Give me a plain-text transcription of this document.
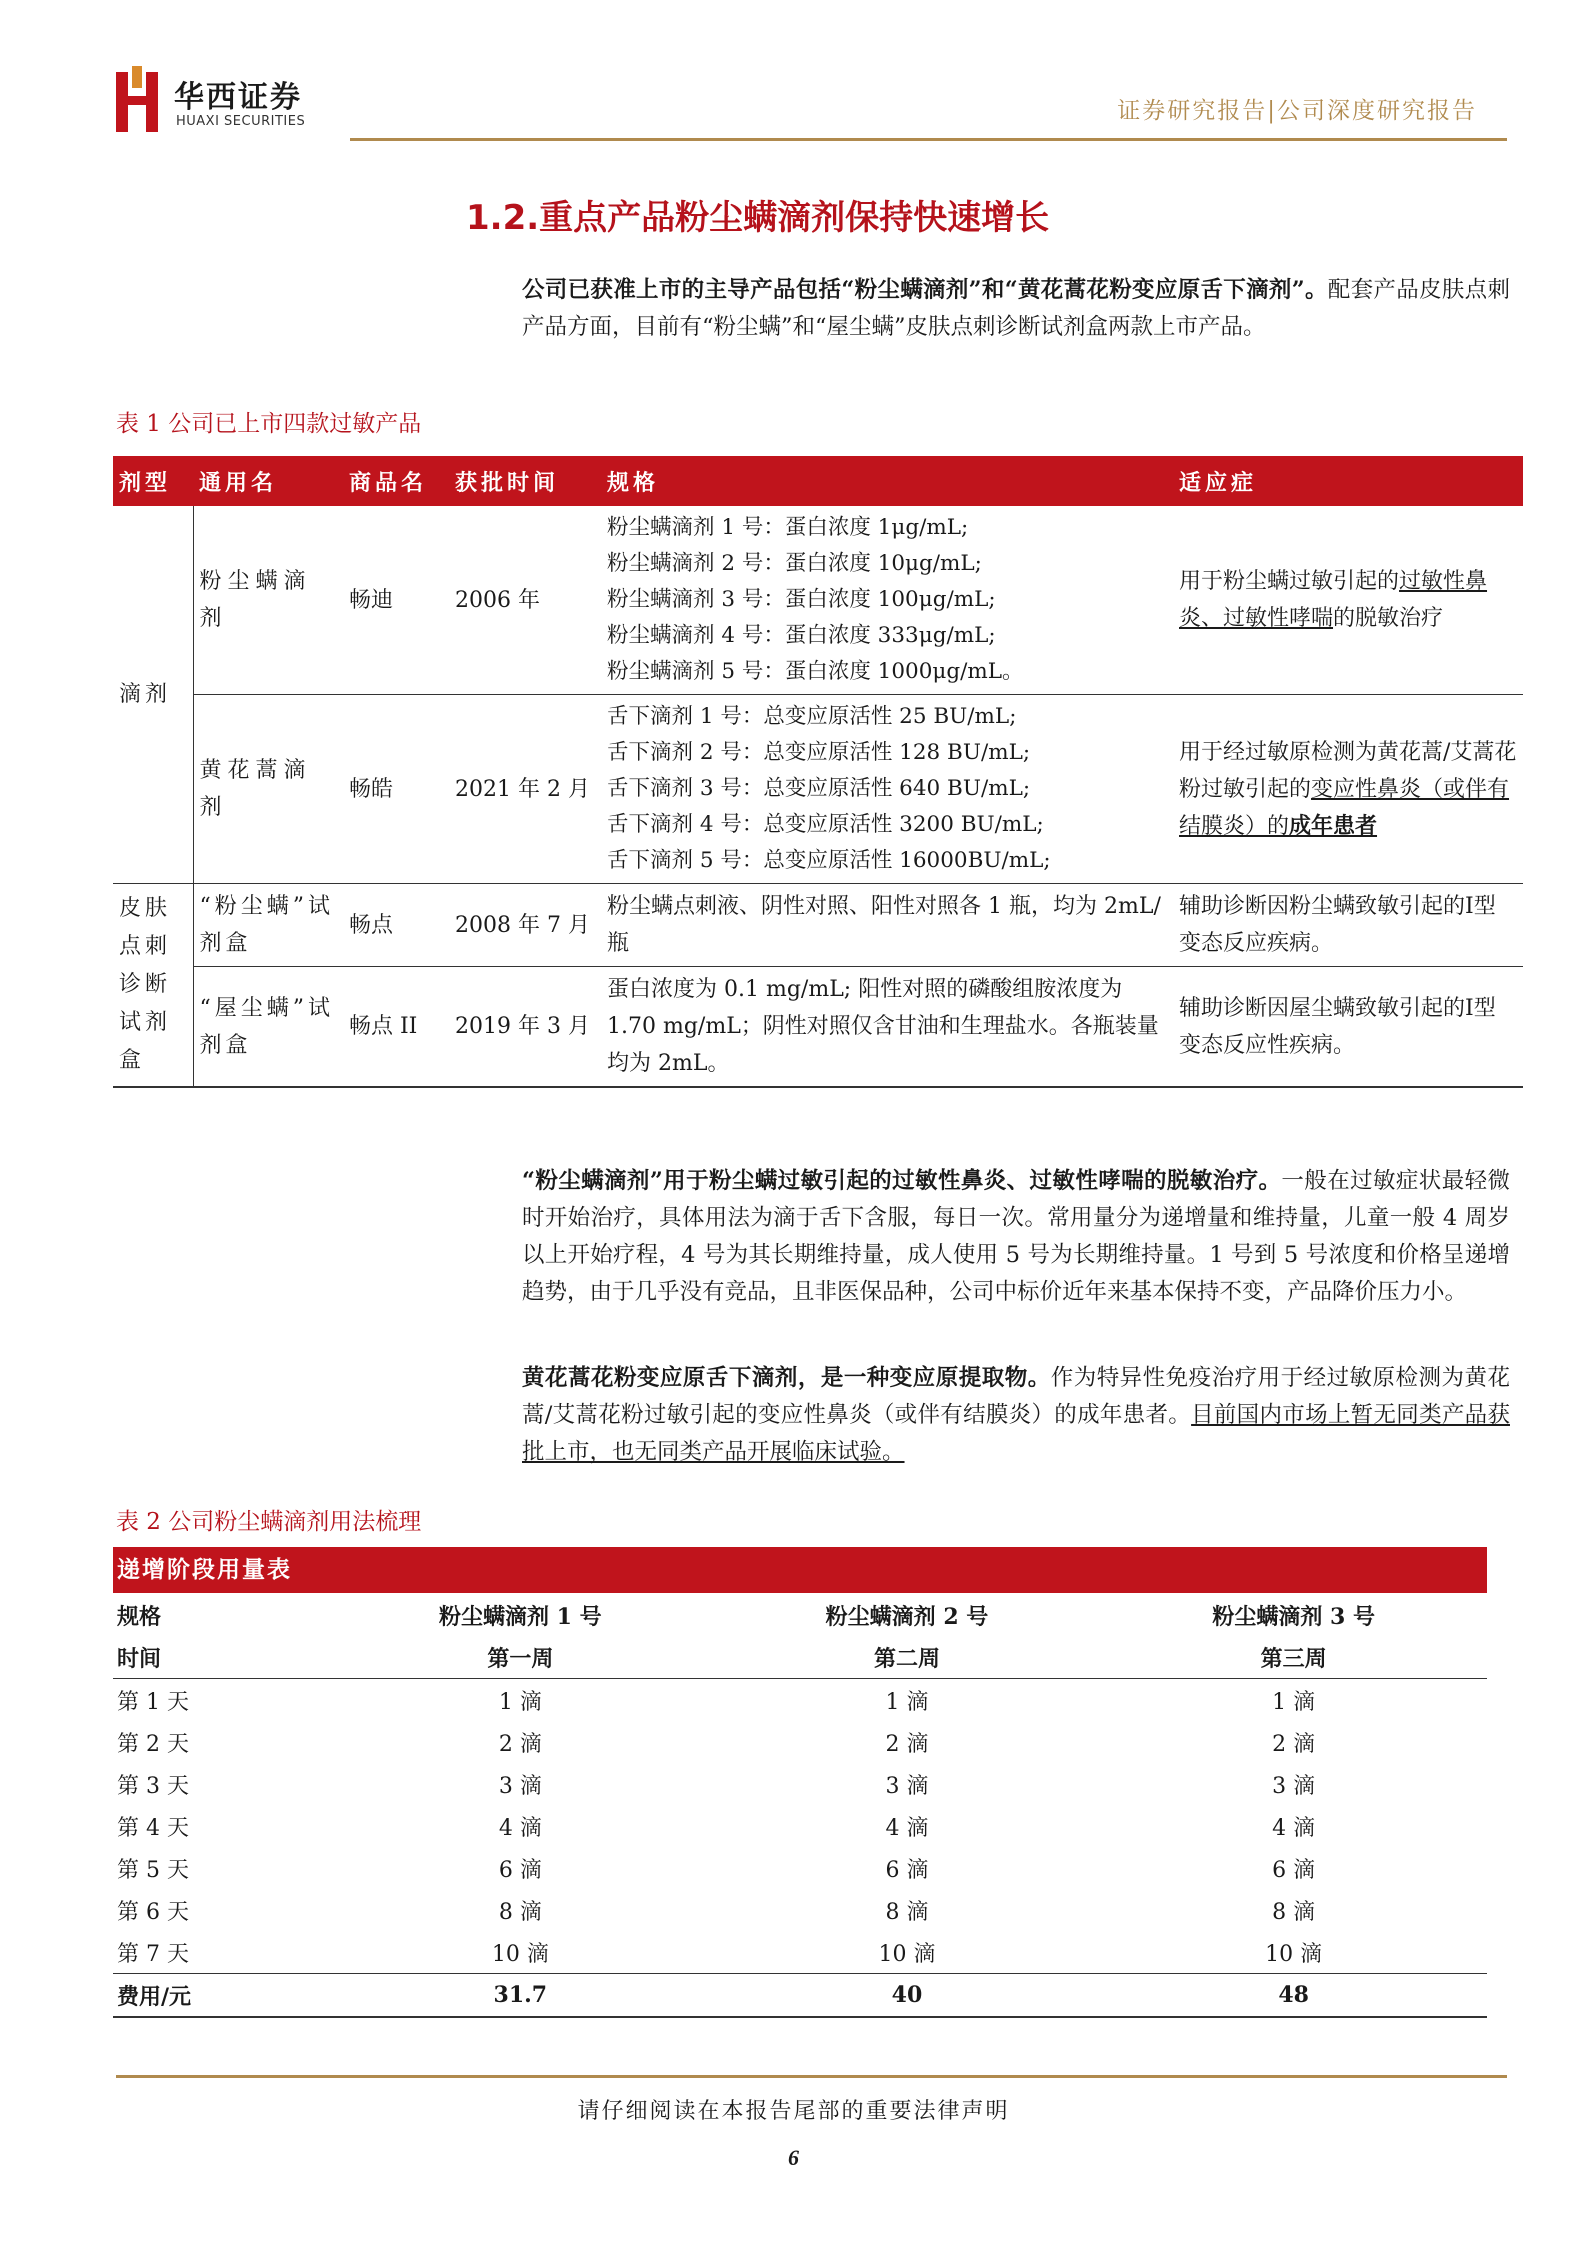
华西证券
HUAXI SECURITIES	证券研究报告|公司深度研究报告
1.2.重点产品粉尘螨滴剂保持快速增长
公司已获准上市的主导产品包括“粉尘螨滴剂”和“黄花蒿花粉变应原舌下滴剂”。配套产品皮肤点刺产品方面，目前有“粉尘螨”和“屋尘螨”皮肤点刺诊断试剂盒两款上市产品。
表 1 公司已上市四款过敏产品
剂型	通用名	商品名	获批时间	规格	适应症
滴剂	粉尘螨滴剂	畅迪	2006 年	粉尘螨滴剂 1 号：蛋白浓度 1μg/mL;
粉尘螨滴剂 2 号：蛋白浓度 10μg/mL;
粉尘螨滴剂 3 号：蛋白浓度 100μg/mL;
粉尘螨滴剂 4 号：蛋白浓度 333μg/mL;
粉尘螨滴剂 5 号：蛋白浓度 1000μg/mL。	用于粉尘螨过敏引起的过敏性鼻炎、过敏性哮喘的脱敏治疗
	黄花蒿滴剂	畅皓	2021 年 2 月	舌下滴剂 1 号：总变应原活性 25 BU/mL;
舌下滴剂 2 号：总变应原活性 128 BU/mL;
舌下滴剂 3 号：总变应原活性 640 BU/mL;
舌下滴剂 4 号：总变应原活性 3200 BU/mL;
舌下滴剂 5 号：总变应原活性 16000BU/mL;	用于经过敏原检测为黄花蒿/艾蒿花粉过敏引起的变应性鼻炎（或伴有结膜炎）的成年患者
皮肤点刺诊断试剂盒	“粉尘螨”试剂盒	畅点	2008 年 7 月	粉尘螨点刺液、阴性对照、阳性对照各 1 瓶，均为 2mL/瓶	辅助诊断因粉尘螨致敏引起的Ⅰ型变态反应疾病。
	“屋尘螨”试剂盒	畅点 II	2019 年 3 月	蛋白浓度为 0.1 mg/mL; 阳性对照的磷酸组胺浓度为 1.70 mg/mL；阴性对照仅含甘油和生理盐水。各瓶装量均为 2mL。	辅助诊断因屋尘螨致敏引起的Ⅰ型变态反应性疾病。
“粉尘螨滴剂”用于粉尘螨过敏引起的过敏性鼻炎、过敏性哮喘的脱敏治疗。一般在过敏症状最轻微时开始治疗，具体用法为滴于舌下含服，每日一次。常用量分为递增量和维持量，儿童一般 4 周岁以上开始疗程，4 号为其长期维持量，成人使用 5 号为长期维持量。1 号到 5 号浓度和价格呈递增趋势，由于几乎没有竞品，且非医保品种，公司中标价近年来基本保持不变，产品降价压力小。
黄花蒿花粉变应原舌下滴剂，是一种变应原提取物。作为特异性免疫治疗用于经过敏原检测为黄花蒿/艾蒿花粉过敏引起的变应性鼻炎（或伴有结膜炎）的成年患者。目前国内市场上暂无同类产品获批上市，也无同类产品开展临床试验。
表 2 公司粉尘螨滴剂用法梳理
递增阶段用量表
规格	粉尘螨滴剂 1 号	粉尘螨滴剂 2 号	粉尘螨滴剂 3 号
时间	第一周	第二周	第三周
第 1 天	1 滴	1 滴	1 滴
第 2 天	2 滴	2 滴	2 滴
第 3 天	3 滴	3 滴	3 滴
第 4 天	4 滴	4 滴	4 滴
第 5 天	6 滴	6 滴	6 滴
第 6 天	8 滴	8 滴	8 滴
第 7 天	10 滴	10 滴	10 滴
费用/元	31.7	40	48
请仔细阅读在本报告尾部的重要法律声明
6
